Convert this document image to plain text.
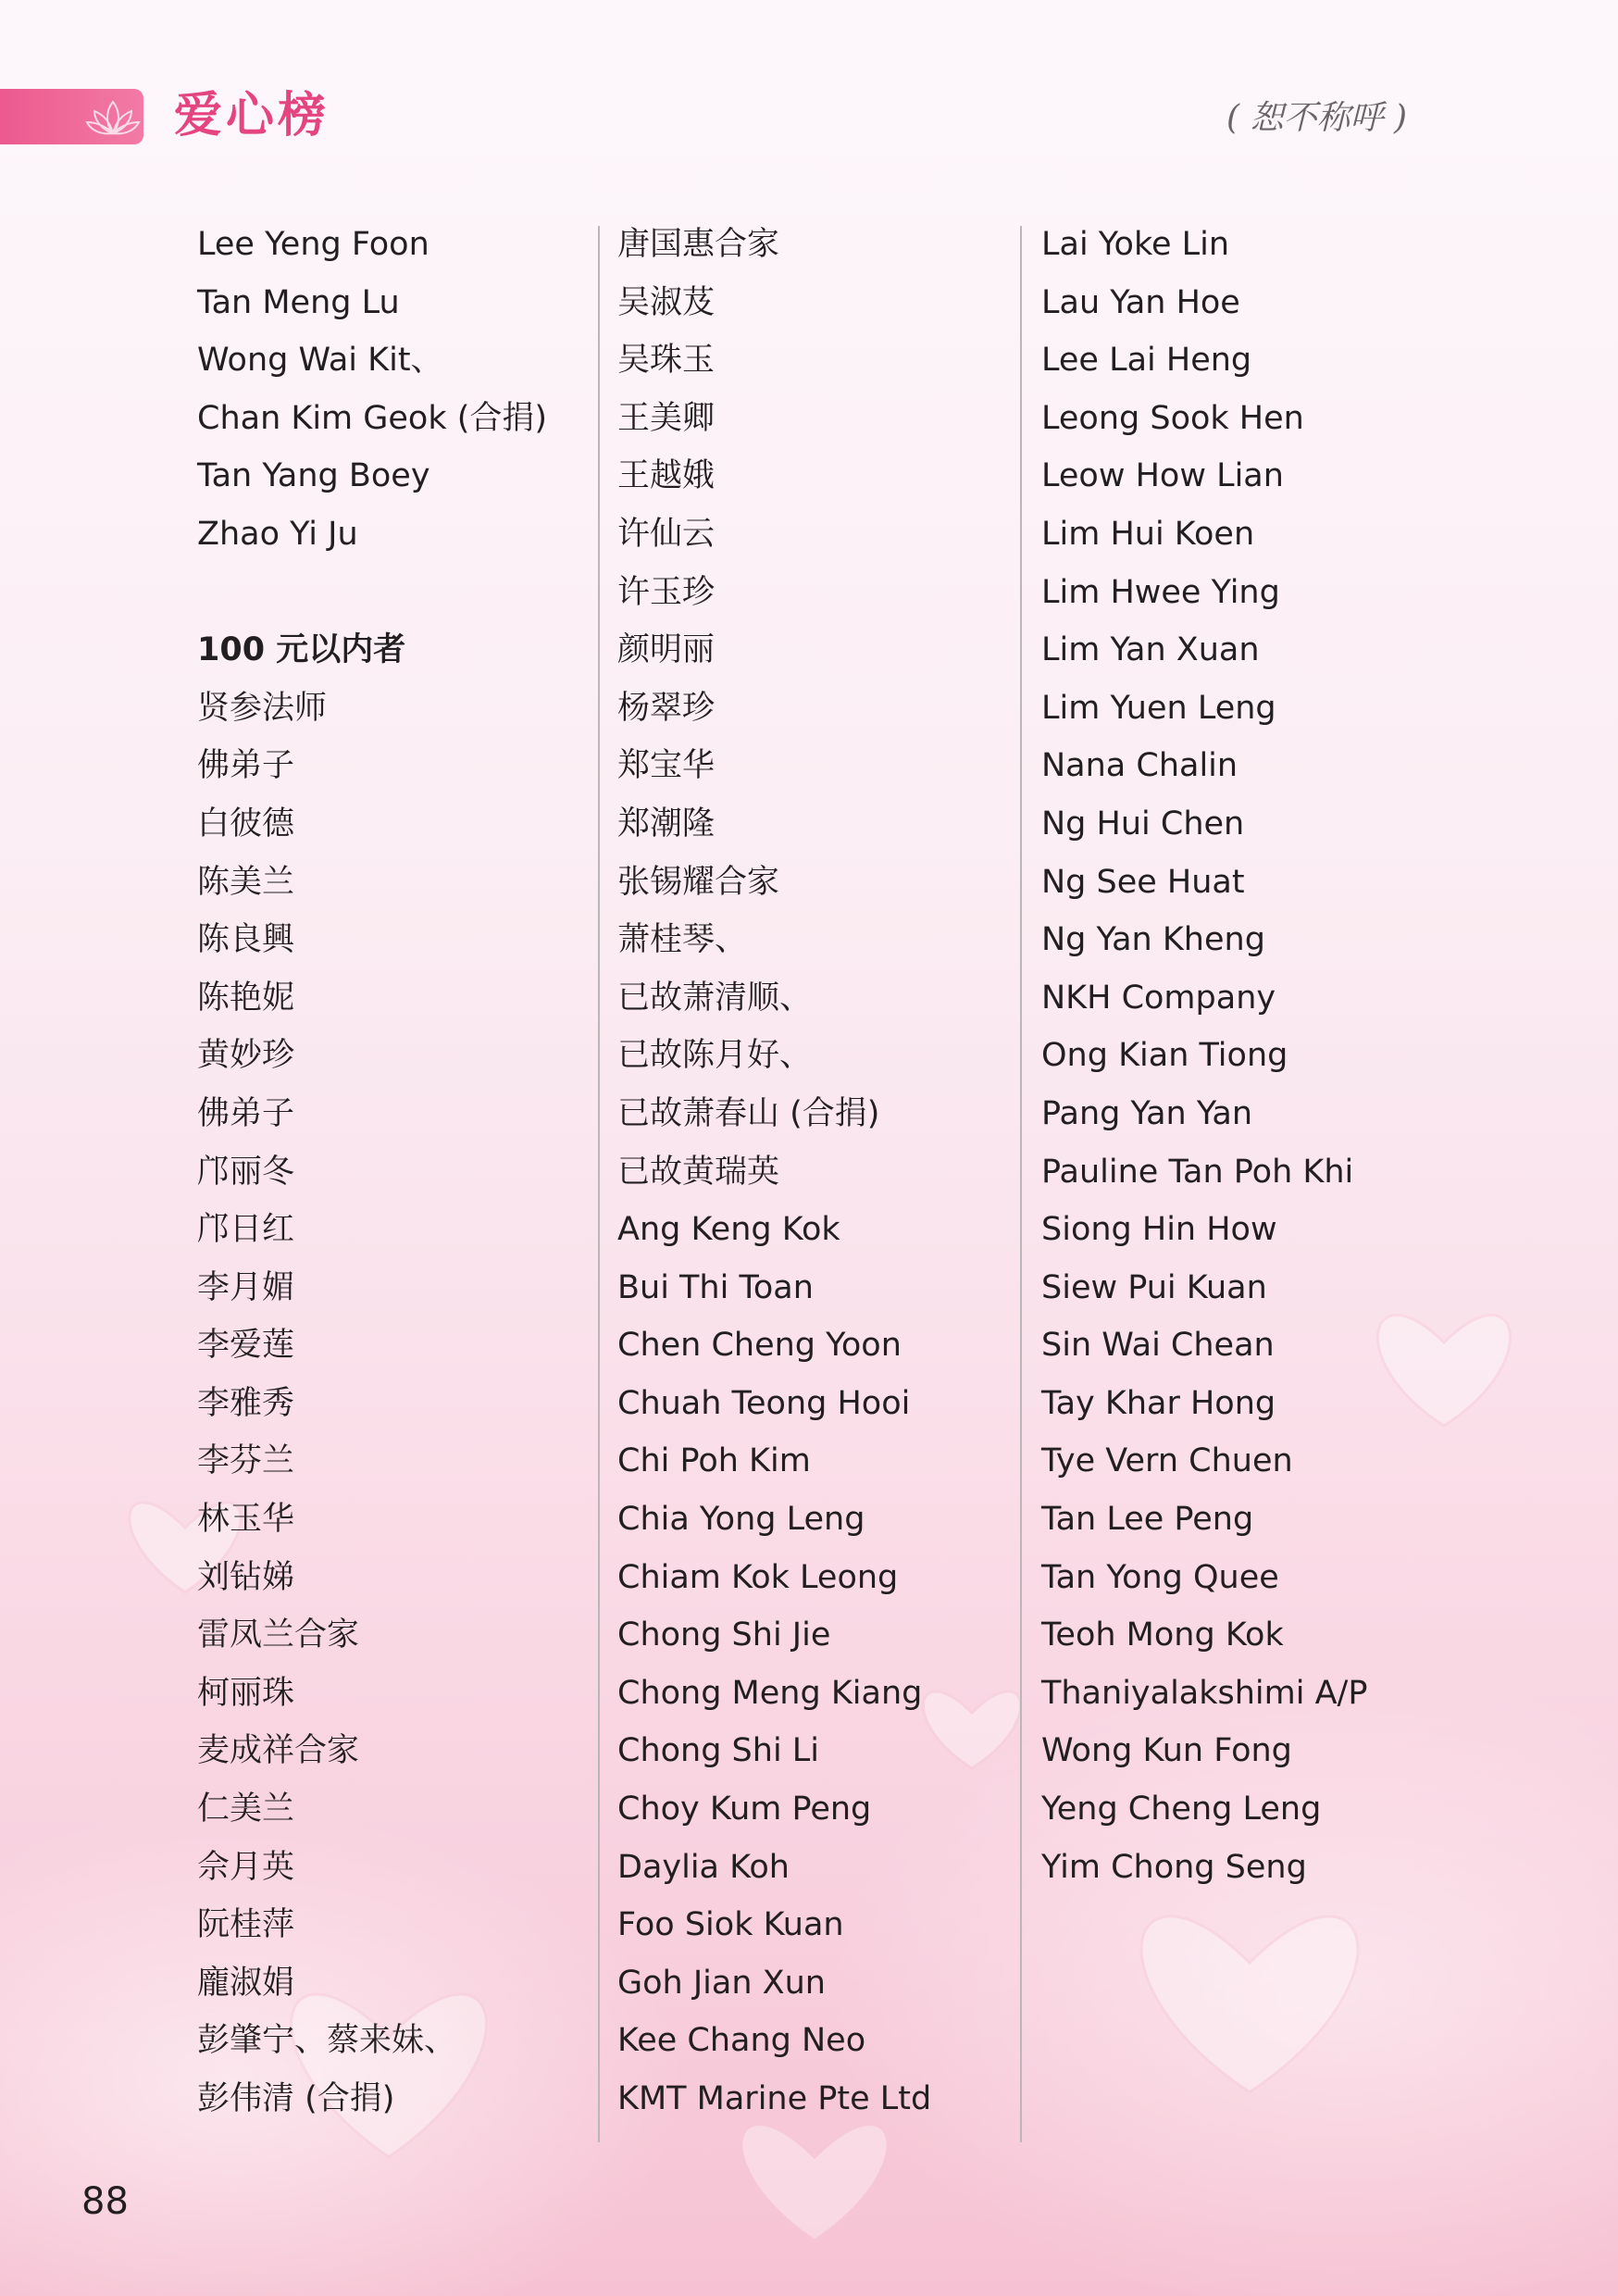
爱心榜	( 恕不称呼 )
Lee Yeng Foon
Tan Meng Lu
Wong Wai Kit、
Chan Kim Geok (合捐)
Tan Yang Boey
Zhao Yi Ju
100 元以内者
贤参法师
佛弟子
白彼德
陈美兰
陈良興
陈艳妮
黄妙珍
佛弟子
邝丽冬
邝日红
李月媚
李爱莲
李雅秀
李芬兰
林玉华
刘钻娣
雷凤兰合家
柯丽珠
麦成祥合家
仁美兰
佘月英
阮桂萍
龐淑娟
彭肇宁、蔡来妹、
彭伟清 (合捐)
唐国惠合家
吴淑芨
吴珠玉
王美卿
王越娥
许仙云
许玉珍
颜明丽
杨翠珍
郑宝华
郑潮隆
张锡耀合家
萧桂琴、
已故萧清顺、
已故陈月好、
已故萧春山 (合捐)
已故黄瑞英
Ang Keng Kok
Bui Thi Toan
Chen Cheng Yoon
Chuah Teong Hooi
Chi Poh Kim
Chia Yong Leng
Chiam Kok Leong
Chong Shi Jie
Chong Meng Kiang
Chong Shi Li
Choy Kum Peng
Daylia Koh
Foo Siok Kuan
Goh Jian Xun
Kee Chang Neo
KMT Marine Pte Ltd
Lai Yoke Lin
Lau Yan Hoe
Lee Lai Heng
Leong Sook Hen
Leow How Lian
Lim Hui Koen
Lim Hwee Ying
Lim Yan Xuan
Lim Yuen Leng
Nana Chalin
Ng Hui Chen
Ng See Huat
Ng Yan Kheng
NKH Company
Ong Kian Tiong
Pang Yan Yan
Pauline Tan Poh Khi
Siong Hin How
Siew Pui Kuan
Sin Wai Chean
Tay Khar Hong
Tye Vern Chuen
Tan Lee Peng
Tan Yong Quee
Teoh Mong Kok
Thaniyalakshimi A/P
Wong Kun Fong
Yeng Cheng Leng
Yim Chong Seng
88
